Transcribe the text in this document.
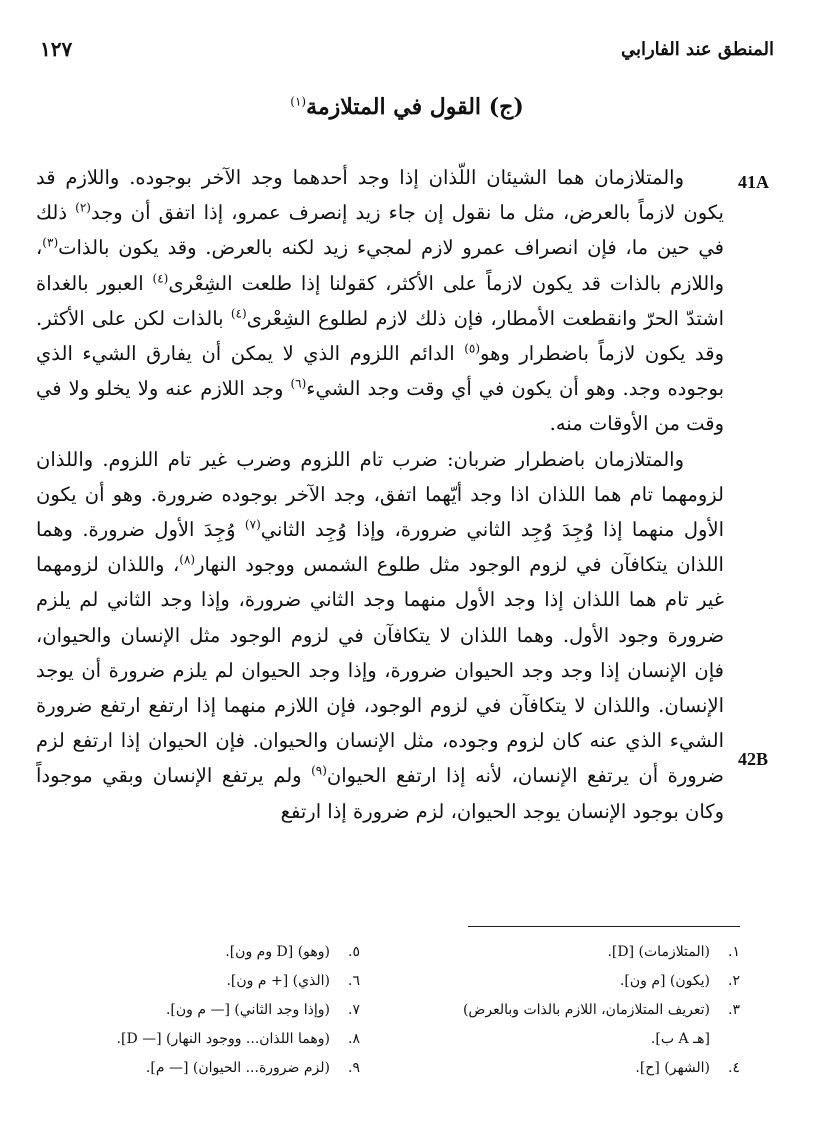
١٢٧	المنطق عند الفارابي
(ج) القول في المتلازمة$^{(١)}$
41A
42B

والمتلازمان هما الشيئان اللّذان إذا وجد أحدهما وجد الآخر بوجوده. واللازم قد يكون لازماً بالعرض، مثل ما نقول إن جاء زيد إنصرف عمرو، إذا اتفق أن وجد$^{(٢)}$ ذلك في حين ما، فإن انصراف عمرو لازم لمجيء زيد لكنه بالعرض. وقد يكون بالذات$^{(٣)}$، واللازم بالذات قد يكون لازماً على الأكثر، كقولنا إذا طلعت الشِعْرى$^{(٤)}$ العبور بالغداة اشتدّ الحرّ وانقطعت الأمطار، فإن ذلك لازم لطلوع الشِعْرى$^{(٤)}$ بالذات لكن على الأكثر. وقد يكون لازماً باضطرار وهو$^{(٥)}$ الدائم اللزوم الذي لا يمكن أن يفارق الشيء الذي بوجوده وجد. وهو أن يكون في أي وقت وجد الشيء$^{(٦)}$ وجد اللازم عنه ولا يخلو ولا في وقت من الأوقات منه.

والمتلازمان باضطرار ضربان: ضرب تام اللزوم وضرب غير تام اللزوم. واللذان لزومهما تام هما اللذان اذا وجد أيّهما اتفق، وجد الآخر بوجوده ضرورة. وهو أن يكون الأول منهما إذا وُجِدَ وُجِد الثاني ضرورة، وإذا وُجِد الثاني$^{(٧)}$ وُجِدَ الأول ضرورة. وهما اللذان يتكافآن في لزوم الوجود مثل طلوع الشمس ووجود النهار$^{(٨)}$، واللذان لزومهما غير تام هما اللذان إذا وجد الأول منهما وجد الثاني ضرورة، وإذا وجد الثاني لم يلزم ضرورة وجود الأول. وهما اللذان لا يتكافآن في لزوم الوجود مثل الإنسان والحيوان، فإن الإنسان إذا وجد وجد الحيوان ضرورة، وإذا وجد الحيوان لم يلزم ضرورة أن يوجد الإنسان. واللذان لا يتكافآن في لزوم الوجود، فإن اللازم منهما إذا ارتفع ارتفع ضرورة الشيء الذي عنه كان لزوم وجوده، مثل الإنسان والحيوان. فإن الحيوان إذا ارتفع لزم ضرورة أن يرتفع الإنسان، لأنه إذا ارتفع الحيوان$^{(٩)}$ ولم يرتفع الإنسان وبقي موجوداً وكان بوجود الإنسان يوجد الحيوان، لزم ضرورة إذا ارتفع

١.
(المتلازمات) [D].
٢.
(يكون) [م ون].
٣.
(تعريف المتلازمان، اللازم بالذات وبالعرض)
[هـ A ب].
٤.
(الشهر) [ح].
٥.
(وهو) [D وم ون].
٦.
(الذي) [+ م ون].
٧.
(وإذا وجد الثاني) [— م ون].
٨.
(وهما اللذان... ووجود النهار) [— D].
٩.
(لزم ضرورة... الحيوان) [— م].
